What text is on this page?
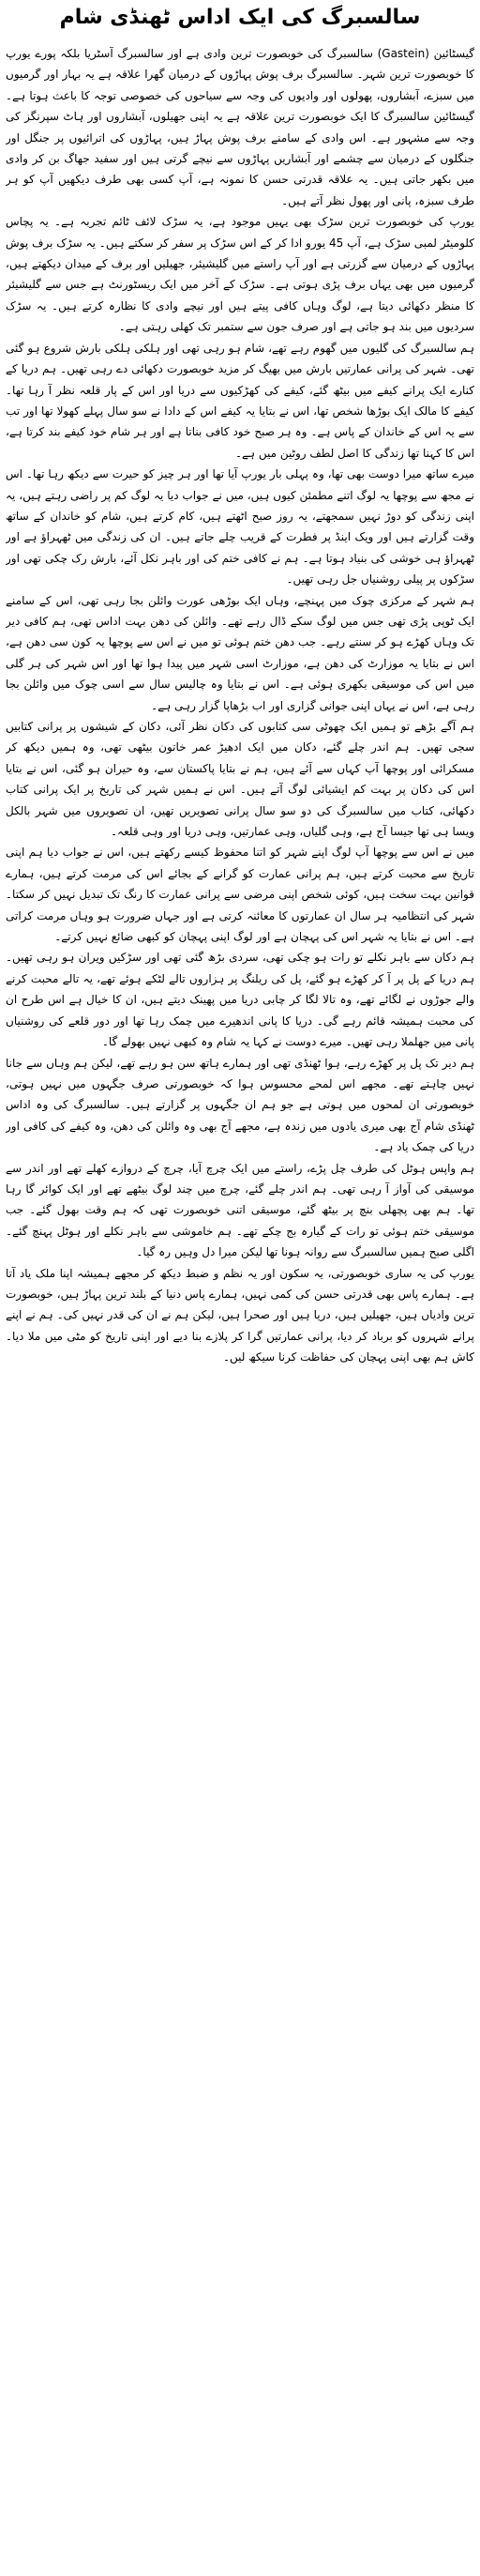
سالسبرگ کی ایک اداس ٹھنڈی شام

گیسٹائین (Gastein) سالسبرگ کی خوبصورت ترین وادی ہے اور سالسبرگ آسٹریا بلکہ پورے یورپ کا خوبصورت ترین شہر۔ سالسبرگ برف پوش پہاڑوں کے درمیان گھرا علاقہ ہے یہ بہار اور گرمیوں میں سبزے، آبشاروں، پھولوں اور وادیوں کی وجہ سے سیاحوں کی خصوصی توجہ کا باعث ہوتا ہے۔ گیسٹائین سالسبرگ کا ایک خوبصورت ترین علاقہ ہے یہ اپنی جھیلوں، آبشاروں اور ہاٹ سپرنگز کی وجہ سے مشہور ہے۔ اس وادی کے سامنے برف پوش پہاڑ ہیں، پہاڑوں کی اترائیوں پر جنگل اور جنگلوں کے درمیان سے چشمے اور آبشاریں پہاڑوں سے نیچے گرتی ہیں اور سفید جھاگ بن کر وادی میں بکھر جاتی ہیں۔ یہ علاقہ قدرتی حسن کا نمونہ ہے، آپ کسی بھی طرف دیکھیں آپ کو ہر طرف سبزہ، پانی اور پھول نظر آتے ہیں۔

یورپ کی خوبصورت ترین سڑک بھی یہیں موجود ہے، یہ سڑک لائف ٹائم تجربہ ہے۔ یہ پچاس کلومیٹر لمبی سڑک ہے، آپ 45 یورو ادا کر کے اس سڑک پر سفر کر سکتے ہیں۔ یہ سڑک برف پوش پہاڑوں کے درمیان سے گزرتی ہے اور آپ راستے میں گلیشیئر، جھیلیں اور برف کے میدان دیکھتے ہیں، گرمیوں میں بھی یہاں برف پڑی ہوتی ہے۔ سڑک کے آخر میں ایک ریسٹورنٹ ہے جس سے گلیشیئر کا منظر دکھائی دیتا ہے، لوگ وہاں کافی پیتے ہیں اور نیچے وادی کا نظارہ کرتے ہیں۔ یہ سڑک سردیوں میں بند ہو جاتی ہے اور صرف جون سے ستمبر تک کھلی رہتی ہے۔

ہم سالسبرگ کی گلیوں میں گھوم رہے تھے، شام ہو رہی تھی اور ہلکی ہلکی بارش شروع ہو گئی تھی۔ شہر کی پرانی عمارتیں بارش میں بھیگ کر مزید خوبصورت دکھائی دے رہی تھیں۔ ہم دریا کے کنارے ایک پرانے کیفے میں بیٹھ گئے، کیفے کی کھڑکیوں سے دریا اور اس کے پار قلعہ نظر آ رہا تھا۔ کیفے کا مالک ایک بوڑھا شخص تھا، اس نے بتایا یہ کیفے اس کے دادا نے سو سال پہلے کھولا تھا اور تب سے یہ اس کے خاندان کے پاس ہے۔ وہ ہر صبح خود کافی بناتا ہے اور ہر شام خود کیفے بند کرتا ہے، اس کا کہنا تھا زندگی کا اصل لطف روٹین میں ہے۔

میرے ساتھ میرا دوست بھی تھا، وہ پہلی بار یورپ آیا تھا اور ہر چیز کو حیرت سے دیکھ رہا تھا۔ اس نے مجھ سے پوچھا یہ لوگ اتنے مطمئن کیوں ہیں، میں نے جواب دیا یہ لوگ کم پر راضی رہتے ہیں، یہ اپنی زندگی کو دوڑ نہیں سمجھتے، یہ روز صبح اٹھتے ہیں، کام کرتے ہیں، شام کو خاندان کے ساتھ وقت گزارتے ہیں اور ویک اینڈ پر فطرت کے قریب چلے جاتے ہیں۔ ان کی زندگی میں ٹھہراؤ ہے اور ٹھہراؤ ہی خوشی کی بنیاد ہوتا ہے۔ ہم نے کافی ختم کی اور باہر نکل آئے، بارش رک چکی تھی اور سڑکوں پر پیلی روشنیاں جل رہی تھیں۔

ہم شہر کے مرکزی چوک میں پہنچے، وہاں ایک بوڑھی عورت وائلن بجا رہی تھی، اس کے سامنے ایک ٹوپی پڑی تھی جس میں لوگ سکے ڈال رہے تھے۔ وائلن کی دھن بہت اداس تھی، ہم کافی دیر تک وہاں کھڑے ہو کر سنتے رہے۔ جب دھن ختم ہوئی تو میں نے اس سے پوچھا یہ کون سی دھن ہے، اس نے بتایا یہ موزارٹ کی دھن ہے، موزارٹ اسی شہر میں پیدا ہوا تھا اور اس شہر کی ہر گلی میں اس کی موسیقی بکھری ہوئی ہے۔ اس نے بتایا وہ چالیس سال سے اسی چوک میں وائلن بجا رہی ہے، اس نے یہاں اپنی جوانی گزاری اور اب بڑھاپا گزار رہی ہے۔

ہم آگے بڑھے تو ہمیں ایک چھوٹی سی کتابوں کی دکان نظر آئی، دکان کے شیشوں پر پرانی کتابیں سجی تھیں۔ ہم اندر چلے گئے، دکان میں ایک ادھیڑ عمر خاتون بیٹھی تھی، وہ ہمیں دیکھ کر مسکرائی اور پوچھا آپ کہاں سے آئے ہیں، ہم نے بتایا پاکستان سے، وہ حیران ہو گئی، اس نے بتایا اس کی دکان پر بہت کم ایشیائی لوگ آتے ہیں۔ اس نے ہمیں شہر کی تاریخ پر ایک پرانی کتاب دکھائی، کتاب میں سالسبرگ کی دو سو سال پرانی تصویریں تھیں، ان تصویروں میں شہر بالکل ویسا ہی تھا جیسا آج ہے، وہی گلیاں، وہی عمارتیں، وہی دریا اور وہی قلعہ۔

میں نے اس سے پوچھا آپ لوگ اپنے شہر کو اتنا محفوظ کیسے رکھتے ہیں، اس نے جواب دیا ہم اپنی تاریخ سے محبت کرتے ہیں، ہم پرانی عمارت کو گرانے کے بجائے اس کی مرمت کرتے ہیں، ہمارے قوانین بہت سخت ہیں، کوئی شخص اپنی مرضی سے پرانی عمارت کا رنگ تک تبدیل نہیں کر سکتا۔ شہر کی انتظامیہ ہر سال ان عمارتوں کا معائنہ کرتی ہے اور جہاں ضرورت ہو وہاں مرمت کراتی ہے۔ اس نے بتایا یہ شہر اس کی پہچان ہے اور لوگ اپنی پہچان کو کبھی ضائع نہیں کرتے۔

ہم دکان سے باہر نکلے تو رات ہو چکی تھی، سردی بڑھ گئی تھی اور سڑکیں ویران ہو رہی تھیں۔ ہم دریا کے پل پر آ کر کھڑے ہو گئے، پل کی ریلنگ پر ہزاروں تالے لٹکے ہوئے تھے، یہ تالے محبت کرنے والے جوڑوں نے لگائے تھے، وہ تالا لگا کر چابی دریا میں پھینک دیتے ہیں، ان کا خیال ہے اس طرح ان کی محبت ہمیشہ قائم رہے گی۔ دریا کا پانی اندھیرے میں چمک رہا تھا اور دور قلعے کی روشنیاں پانی میں جھلملا رہی تھیں۔ میرے دوست نے کہا یہ شام وہ کبھی نہیں بھولے گا۔

ہم دیر تک پل پر کھڑے رہے، ہوا ٹھنڈی تھی اور ہمارے ہاتھ سن ہو رہے تھے، لیکن ہم وہاں سے جانا نہیں چاہتے تھے۔ مجھے اس لمحے محسوس ہوا کہ خوبصورتی صرف جگہوں میں نہیں ہوتی، خوبصورتی ان لمحوں میں ہوتی ہے جو ہم ان جگہوں پر گزارتے ہیں۔ سالسبرگ کی وہ اداس ٹھنڈی شام آج بھی میری یادوں میں زندہ ہے، مجھے آج بھی وہ وائلن کی دھن، وہ کیفے کی کافی اور دریا کی چمک یاد ہے۔

ہم واپس ہوٹل کی طرف چل پڑے، راستے میں ایک چرچ آیا، چرچ کے دروازے کھلے تھے اور اندر سے موسیقی کی آواز آ رہی تھی۔ ہم اندر چلے گئے، چرچ میں چند لوگ بیٹھے تھے اور ایک کوائر گا رہا تھا۔ ہم بھی پچھلی بنچ پر بیٹھ گئے، موسیقی اتنی خوبصورت تھی کہ ہم وقت بھول گئے۔ جب موسیقی ختم ہوئی تو رات کے گیارہ بج چکے تھے۔ ہم خاموشی سے باہر نکلے اور ہوٹل پہنچ گئے۔ اگلی صبح ہمیں سالسبرگ سے روانہ ہونا تھا لیکن میرا دل وہیں رہ گیا۔

یورپ کی یہ ساری خوبصورتی، یہ سکون اور یہ نظم و ضبط دیکھ کر مجھے ہمیشہ اپنا ملک یاد آتا ہے۔ ہمارے پاس بھی قدرتی حسن کی کمی نہیں، ہمارے پاس دنیا کے بلند ترین پہاڑ ہیں، خوبصورت ترین وادیاں ہیں، جھیلیں ہیں، دریا ہیں اور صحرا ہیں، لیکن ہم نے ان کی قدر نہیں کی۔ ہم نے اپنے پرانے شہروں کو برباد کر دیا، پرانی عمارتیں گرا کر پلازے بنا دیے اور اپنی تاریخ کو مٹی میں ملا دیا۔ کاش ہم بھی اپنی پہچان کی حفاظت کرنا سیکھ لیں۔
